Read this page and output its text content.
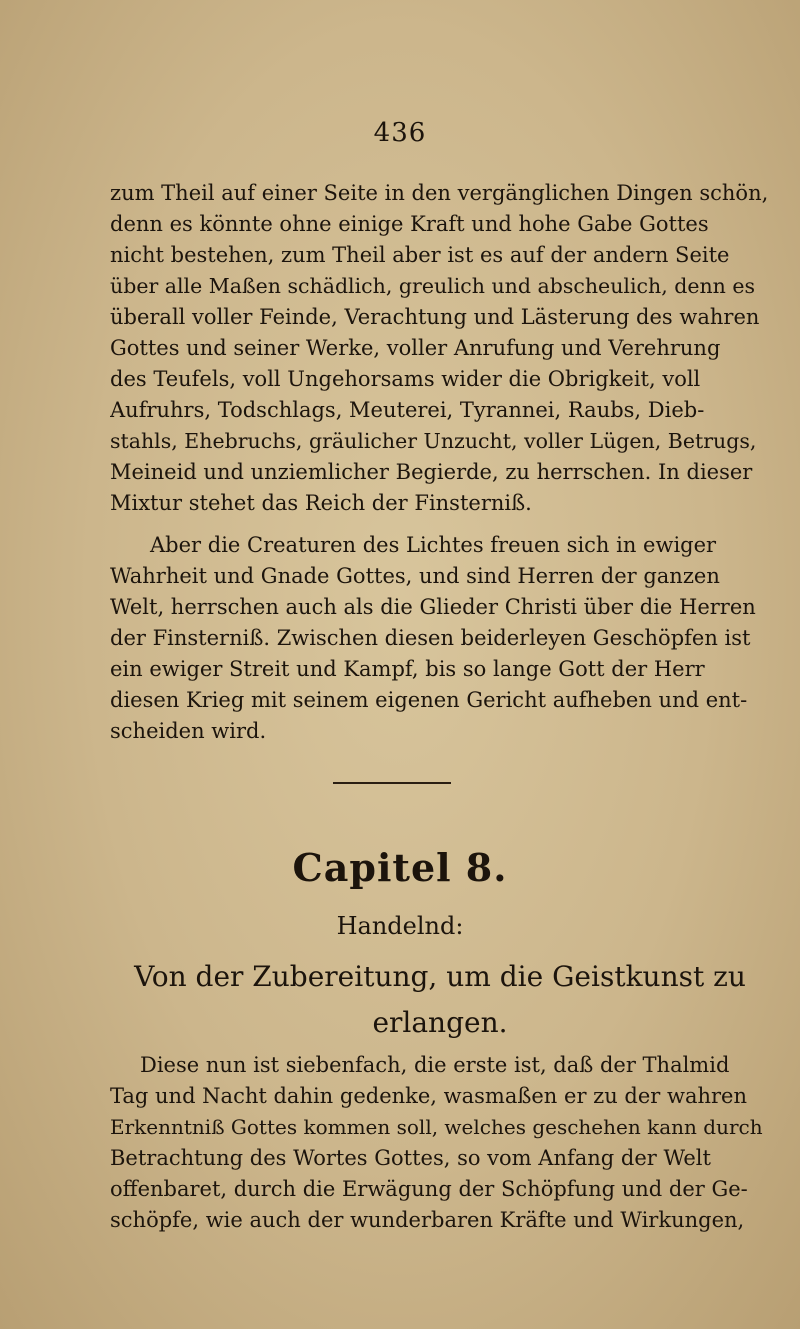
436
zum Theil auf einer Seite in den vergänglichen Dingen schön,
denn es könnte ohne einige Kraft und hohe Gabe Gottes
nicht bestehen, zum Theil aber ist es auf der andern Seite
über alle Maßen schädlich, greulich und abscheulich, denn es
überall voller Feinde, Verachtung und Lästerung des wahren
Gottes und seiner Werke, voller Anrufung und Verehrung
des Teufels, voll Ungehorsams wider die Obrigkeit, voll
Aufruhrs, Todschlags, Meuterei, Tyrannei, Raubs, Dieb-
stahls, Ehebruchs, gräulicher Unzucht, voller Lügen, Betrugs,
Meineid und unziemlicher Begierde, zu herrschen. In dieser
Mixtur stehet das Reich der Finsterniß.
Aber die Creaturen des Lichtes freuen sich in ewiger
Wahrheit und Gnade Gottes, und sind Herren der ganzen
Welt, herrschen auch als die Glieder Christi über die Herren
der Finsterniß. Zwischen diesen beiderleyen Geschöpfen ist
ein ewiger Streit und Kampf, bis so lange Gott der Herr
diesen Krieg mit seinem eigenen Gericht aufheben und ent-
scheiden wird.
Capitel 8.
Handelnd:
Von der Zubereitung, um die Geistkunst zu
erlangen.
Diese nun ist siebenfach, die erste ist, daß der Thalmid
Tag und Nacht dahin gedenke, wasmaßen er zu der wahren
Erkenntniß Gottes kommen soll, welches geschehen kann durch
Betrachtung des Wortes Gottes, so vom Anfang der Welt
offenbaret, durch die Erwägung der Schöpfung und der Ge-
schöpfe, wie auch der wunderbaren Kräfte und Wirkungen,
